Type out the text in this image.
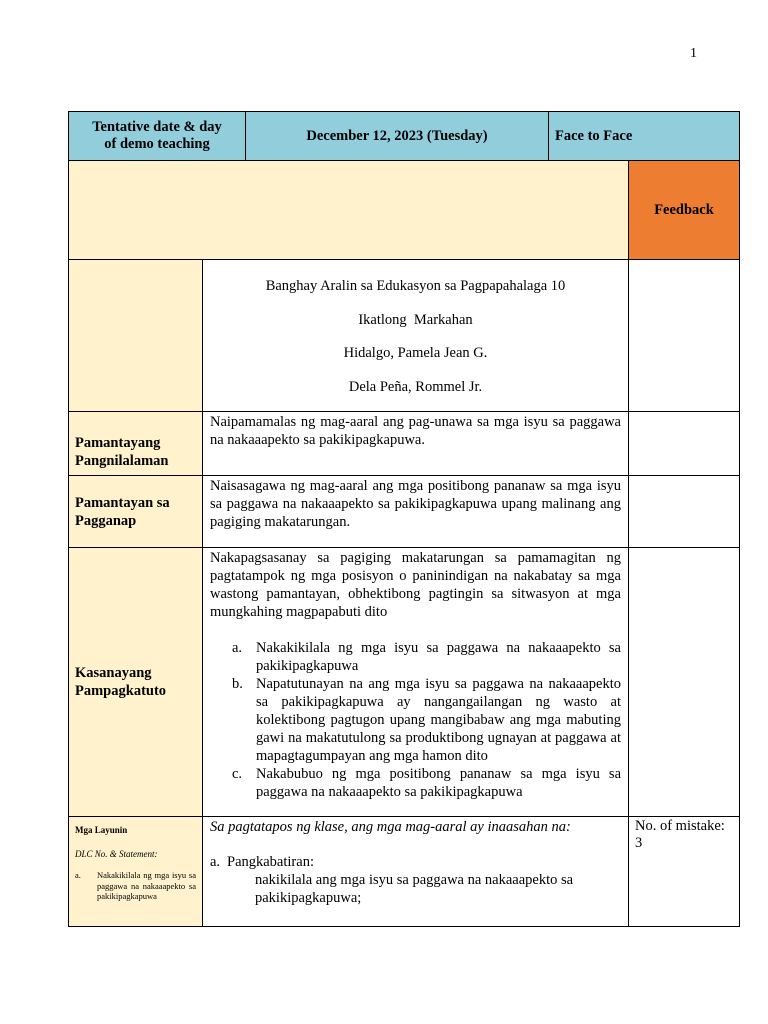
1
Tentative date & day of demo teaching
December 12, 2023 (Tuesday)	Face to Face
Feedback
Banghay Aralin sa Edukasyon sa Pagpapahalaga 10
Ikatlong  Markahan
Hidalgo, Pamela Jean G.
Dela Peña, Rommel Jr.
Pamantayang Pangnilalaman
Naipamamalas ng mag-aaral ang pag-unawa sa mga isyu sa paggawa na nakaaapekto sa pakikipagkapuwa.
Pamantayan sa Pagganap
Naisasagawa ng mag-aaral ang mga positibong pananaw sa mga isyu sa paggawa na nakaaapekto sa pakikipagkapuwa upang malinang ang pagiging makatarungan.
Kasanayang Pampagkatuto
Nakapagsasanay sa pagiging makatarungan sa pamamagitan ng pagtatampok ng mga posisyon o paninindigan na nakabatay sa mga wastong pamantayan, obhektibong pagtingin sa sitwasyon at mga mungkahing magpapabuti dito
a. Nakakikilala ng mga isyu sa paggawa na nakaaapekto sa pakikipagkapuwa
b. Napatutunayan na ang mga isyu sa paggawa na nakaaapekto sa pakikipagkapuwa ay nangangailangan ng wasto at kolektibong pagtugon upang mangibabaw ang mga mabuting gawi na makatutulong sa produktibong ugnayan at paggawa at mapagtagumpayan ang mga hamon dito
c. Nakabubuo ng mga positibong pananaw sa mga isyu sa paggawa na nakaaapekto sa pakikipagkapuwa
Mga Layunin
DLC No. & Statement:
a.	Nakakikilala ng mga isyu sa paggawa na nakaaapekto sa pakikipagkapuwa
Sa pagtatapos ng klase, ang mga mag-aaral ay inaasahan na:
a. Pangkabatiran:
nakikilala ang mga isyu sa paggawa na nakaaapekto sa pakikipagkapuwa;
No. of mistake: 3
